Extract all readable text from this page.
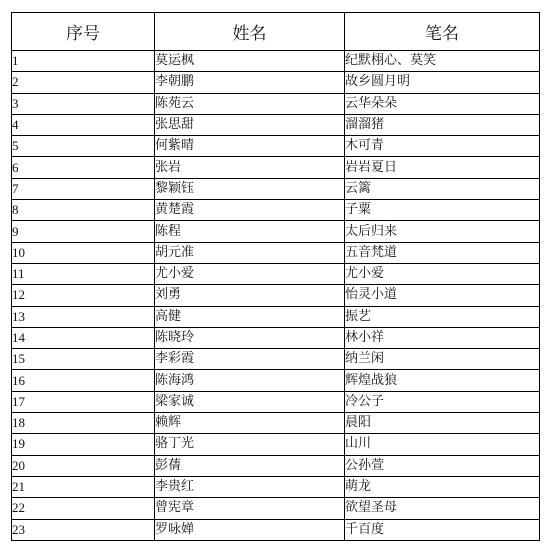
序号	姓名	笔名
1	莫运枫	纪默栩心、莫笑
2	李朝鹏	故乡圆月明
3	陈苑云	云华朵朵
4	张思甜	溜溜猪
5	何紫晴	木可青
6	张岩	岩岩夏日
7	黎颖钰	云篱
8	黄楚霞	子粟
9	陈程	太后归来
10	胡元准	五音梵道
11	尤小爱	尤小爱
12	刘勇	怡灵小道
13	高健	振艺
14	陈晓玲	林小祥
15	李彩霞	纳兰闲
16	陈海鸿	辉煌战狼
17	梁家诚	冷公子
18	赖辉	晨阳
19	骆丁光	山川
20	彭蒨	公孙萱
21	李贵红	萌龙
22	曾宪章	欲望圣母
23	罗咏婵	千百度
